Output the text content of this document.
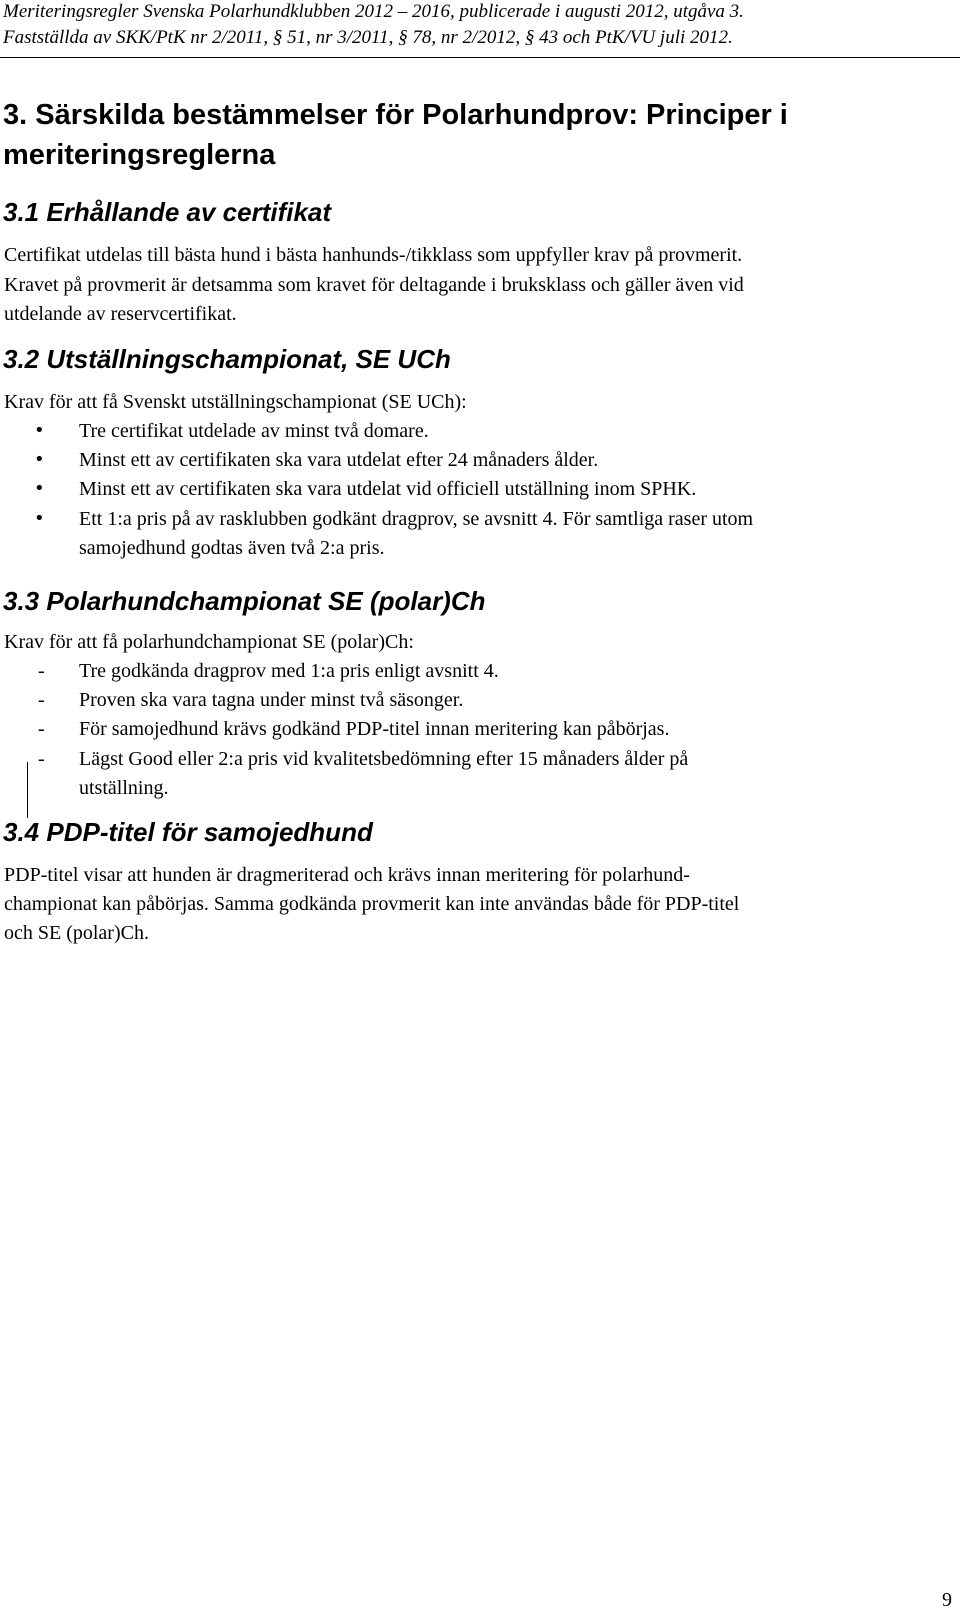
Meriteringsregler Svenska Polarhundklubben 2012 – 2016, publicerade i augusti 2012, utgåva 3.
Fastställda av SKK/PtK nr 2/2011, § 51, nr 3/2011, § 78, nr 2/2012, § 43 och PtK/VU juli 2012.
3. Särskilda bestämmelser för Polarhundprov: Principer i
meriteringsreglerna
3.1 Erhållande av certifikat
Certifikat utdelas till bästa hund i bästa hanhunds-/tikklass som uppfyller krav på provmerit.
Kravet på provmerit är detsamma som kravet för deltagande i bruksklass och gäller även vid
utdelande av reservcertifikat.
3.2 Utställningschampionat, SE UCh
Krav för att få Svenskt utställningschampionat (SE UCh):
• Tre certifikat utdelade av minst två domare.
• Minst ett av certifikaten ska vara utdelat efter 24 månaders ålder.
• Minst ett av certifikaten ska vara utdelat vid officiell utställning inom SPHK.
• Ett 1:a pris på av rasklubben godkänt dragprov, se avsnitt 4. För samtliga raser utom
samojedhund godtas även två 2:a pris.
3.3 Polarhundchampionat SE (polar)Ch
Krav för att få polarhundchampionat SE (polar)Ch:
- Tre godkända dragprov med 1:a pris enligt avsnitt 4.
- Proven ska vara tagna under minst två säsonger.
- För samojedhund krävs godkänd PDP-titel innan meritering kan påbörjas.
- Lägst Good eller 2:a pris vid kvalitetsbedömning efter 15 månaders ålder på
utställning.
3.4 PDP-titel för samojedhund
PDP-titel visar att hunden är dragmeriterad och krävs innan meritering för polarhund-
championat kan påbörjas. Samma godkända provmerit kan inte användas både för PDP-titel
och SE (polar)Ch.
9
